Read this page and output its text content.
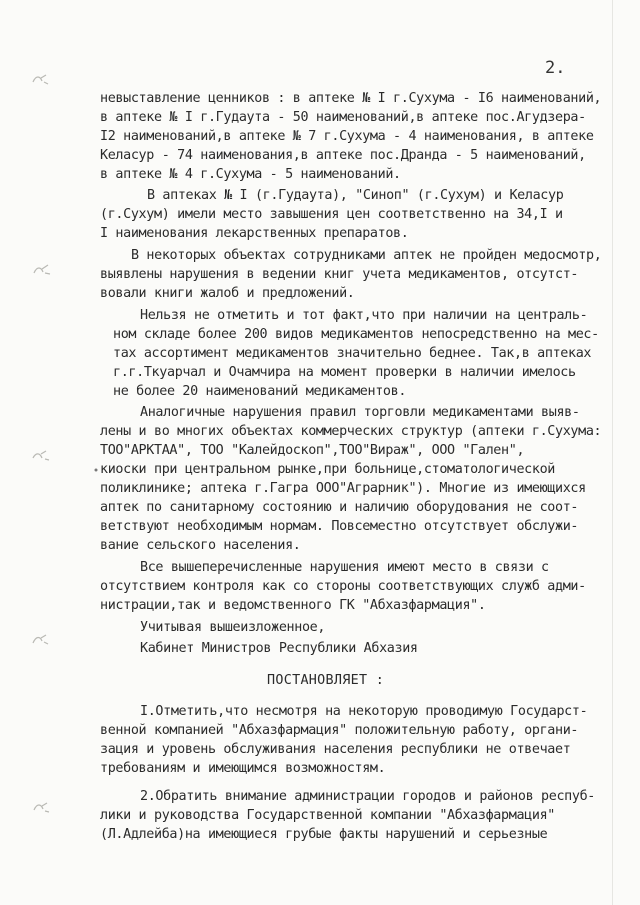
2.
невыставление ценников : в аптеке № I г.Сухума - I6 наименований,
в аптеке № I г.Гудаута - 50 наименований,в аптеке пос.Агудзера-
I2 наименований,в аптеке № 7 г.Сухума - 4 наименования, в аптеке
Келасур - 74 наименования,в аптеке пос.Дранда - 5 наименований,
в аптеке № 4 г.Сухума - 5 наименований.
В аптеках № I (г.Гудаута), "Синоп" (г.Сухум) и Келасур
(г.Сухум) имели место завышения цен соответственно на 34,I и
I наименования лекарственных препаратов.
В некоторых объектах сотрудниками аптек не пройден медосмотр,
выявлены нарушения в ведении книг учета медикаментов, отсутст-
вовали книги жалоб и предложений.
Нельзя не отметить и тот факт,что при наличии на централь-
ном складе более 200 видов медикаментов непосредственно на мес-
тах ассортимент медикаментов значительно беднее. Так,в аптеках
г.г.Ткуарчал и Очамчира на момент проверки в наличии имелось
не более 20 наименований медикаментов.
Аналогичные нарушения правил торговли медикаментами выяв-
лены и во многих объектах коммерческих структур (аптеки г.Сухума:
ТОО"АРКТАА", ТОО "Калейдоскоп",ТОО"Вираж", ООО "Гален",
киоски при центральном рынке,при больнице,стоматологической
поликлинике; аптека г.Гагра ООО"Аграрник"). Многие из имеющихся
аптек по санитарному состоянию и наличию оборудования не соот-
ветствуют необходимым нормам. Повсеместно отсутствует обслужи-
вание сельского населения.
Все вышеперечисленные нарушения имеют место в связи с
отсутствием контроля как со стороны соответствующих служб адми-
нистрации,так и ведомственного ГК "Абхазфармация".
Учитывая вышеизложенное,
Кабинет Министров Республики Абхазия
ПОСТАНОВЛЯЕТ :
I.Отметить,что несмотря на некоторую проводимую Государст-
венной компанией "Абхазфармация" положительную работу, органи-
зация и уровень обслуживания населения республики не отвечает
требованиям и имеющимся возможностям.
2.Обратить внимание администрации городов и районов респуб-
лики и руководства Государственной компании "Абхазфармация"
(Л.Адлейба)на имеющиеся грубые факты нарушений и серьезные
